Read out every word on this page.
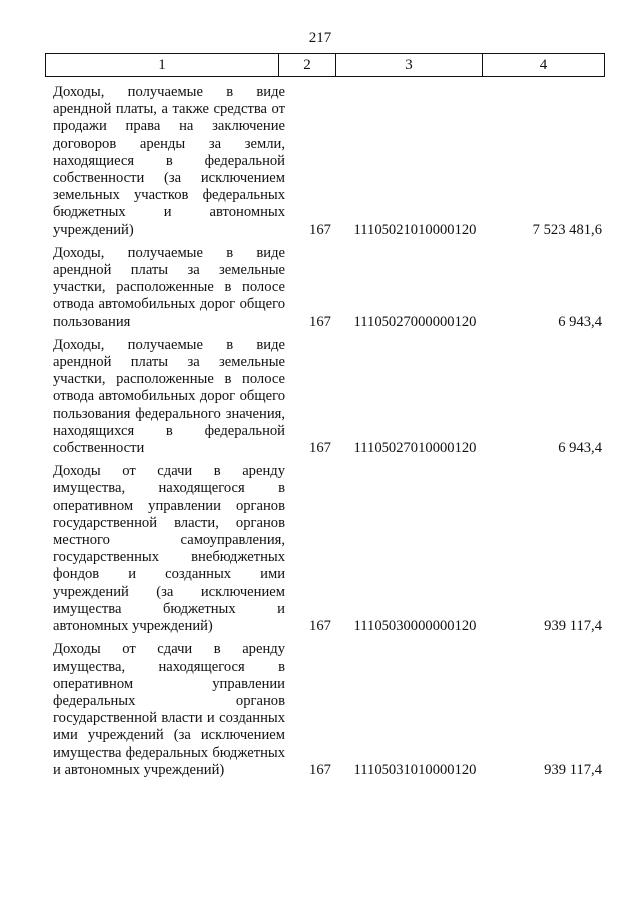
217
1	2	3	4
Доходы, получаемые в виде арендной платы, а также средства от продажи права на заключение договоров аренды за земли, находящиеся в федеральной собственности (за исключением земельных участков федеральных бюджетных и автономных учреждений)	167	11105021010000120	7 523 481,6
Доходы, получаемые в виде арендной платы за земельные участки, расположенные в полосе отвода автомобильных дорог общего пользования	167	11105027000000120	6 943,4
Доходы, получаемые в виде арендной платы за земельные участки, расположенные в полосе отвода автомобильных дорог общего пользования федерального значения, находящихся в федеральной собственности	167	11105027010000120	6 943,4
Доходы от сдачи в аренду имущества, находящегося в оперативном управлении органов государственной власти, органов местного самоуправления, государственных внебюджетных фондов и созданных ими учреждений (за исключением имущества бюджетных и автономных учреждений)	167	11105030000000120	939 117,4
Доходы от сдачи в аренду имущества, находящегося в оперативном управлении федеральных органов государственной власти и созданных ими учреждений (за исключением имущества федеральных бюджетных и автономных учреждений)	167	11105031010000120	939 117,4
